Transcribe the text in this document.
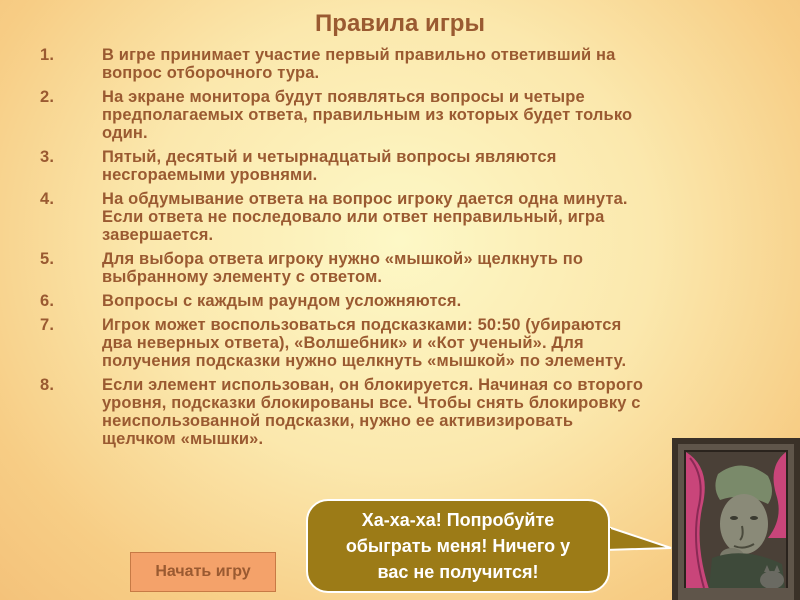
Правила игры
1.	В игре принимает участие первый правильно ответивший на
вопрос отборочного тура.
2.	На экране монитора будут появляться вопросы и четыре
предполагаемых ответа, правильным из которых будет только
один.
3.	Пятый, десятый и четырнадцатый вопросы являются
несгораемыми уровнями.
4.	На обдумывание ответа на вопрос игроку дается одна минута.
Если ответа не последовало или ответ неправильный, игра
завершается.
5.	Для выбора ответа игроку нужно «мышкой» щелкнуть по
выбранному элементу с ответом.
6.	Вопросы с каждым раундом усложняются.
7.	Игрок может воспользоваться подсказками: 50:50 (убираются
два неверных ответа), «Волшебник» и «Кот ученый». Для
получения подсказки нужно щелкнуть «мышкой» по элементу.
8.	Если элемент использован, он блокируется. Начиная со второго
уровня, подсказки блокированы все. Чтобы снять блокировку с
неиспользованной подсказки, нужно ее активизировать
щелчком «мышки».
Начать игру
Ха-ха-ха! Попробуйте
обыграть меня! Ничего у
вас не получится!
